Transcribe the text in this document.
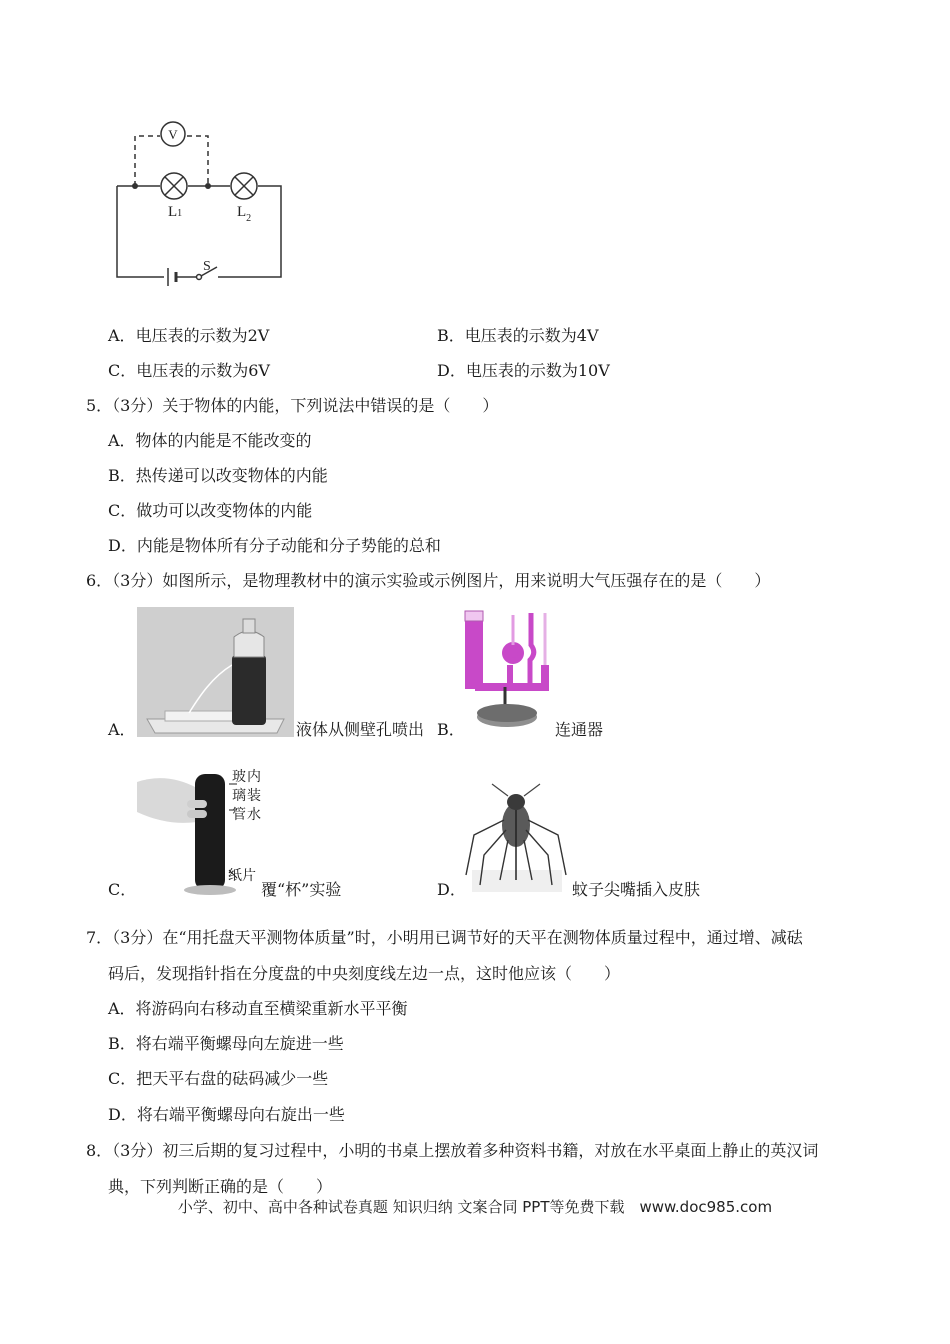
V
L1	$L_2$
S
A．电压表的示数为2V	B．电压表的示数为4V
C．电压表的示数为6V	D．电压表的示数为10V
5．（3分）关于物体的内能，下列说法中错误的是（　　）
A．物体的内能是不能改变的
B．热传递可以改变物体的内能
C．做功可以改变物体的内能
D．内能是物体所有分子动能和分子势能的总和
6．（3分）如图所示，是物理教材中的演示实验或示例图片，用来说明大气压强存在的是（　　）
A．	液体从侧壁孔喷出 B．	连通器
玻
璃
管
内
装
水
纸片
C．	覆“杯”实验	D．	蚊子尖嘴插入皮肤
7．（3分）在“用托盘天平测物体质量”时，小明用已调节好的天平在测物体质量过程中，通过增、减砝
码后，发现指针指在分度盘的中央刻度线左边一点，这时他应该（　　）
A．将游码向右移动直至横梁重新水平平衡
B．将右端平衡螺母向左旋进一些
C．把天平右盘的砝码减少一些
D．将右端平衡螺母向右旋出一些
8．（3分）初三后期的复习过程中，小明的书桌上摆放着多种资料书籍，对放在水平桌面上静止的英汉词
典，下列判断正确的是（　　）
小学、初中、高中各种试卷真题 知识归纳 文案合同 PPT等免费下载　www.doc985.com
